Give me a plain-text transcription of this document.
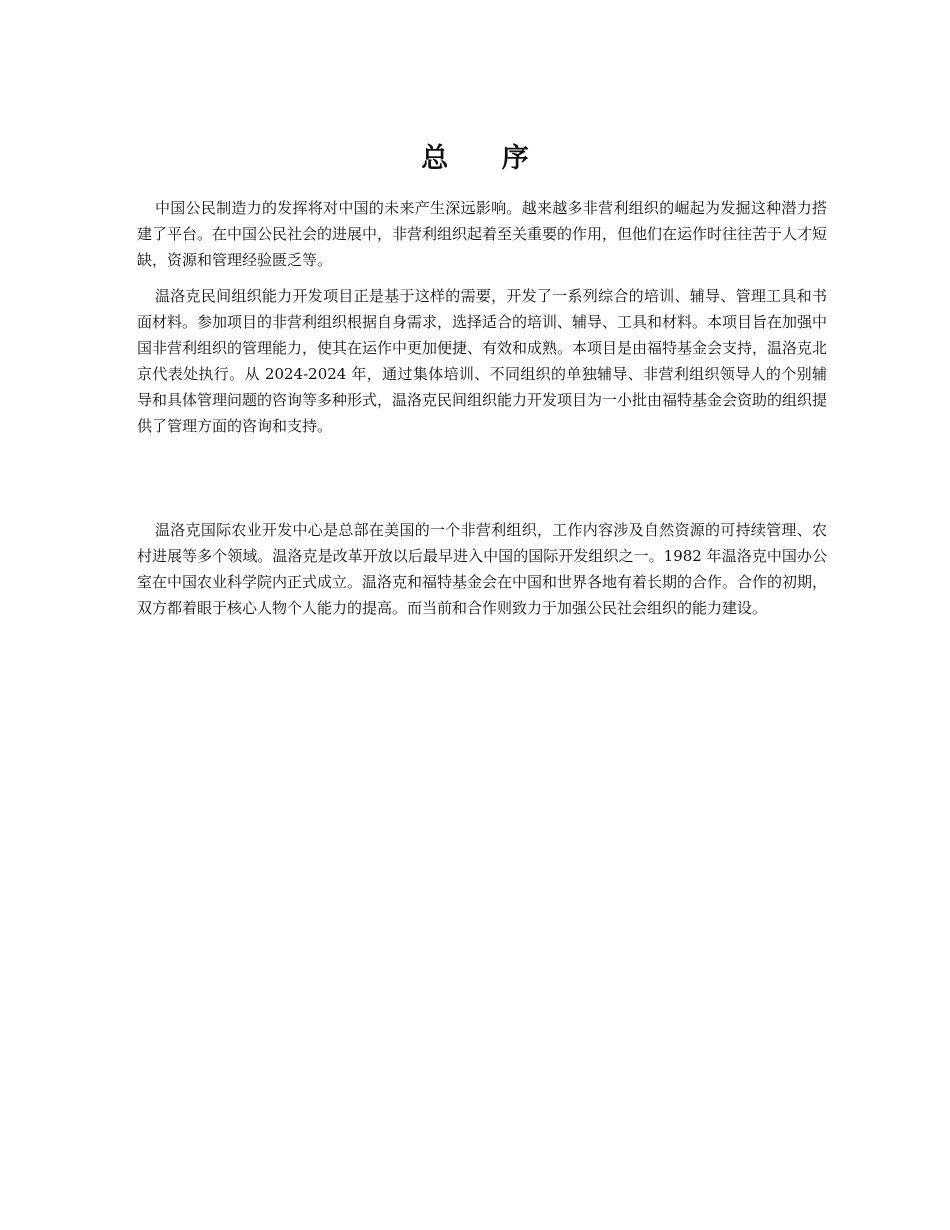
总 序

中国公民制造力的发挥将对中国的未来产生深远影响。越来越多非营利组织的崛起为发掘这种潜力搭建了平台。在中国公民社会的进展中，非营利组织起着至关重要的作用，但他们在运作时往往苦于人才短缺，资源和管理经验匮乏等。

温洛克民间组织能力开发项目正是基于这样的需要，开发了一系列综合的培训、辅导、管理工具和书面材料。参加项目的非营利组织根据自身需求，选择适合的培训、辅导、工具和材料。本项目旨在加强中国非营利组织的管理能力，使其在运作中更加便捷、有效和成熟。本项目是由福特基金会支持，温洛克北京代表处执行。从 2024-2024 年，通过集体培训、不同组织的单独辅导、非营利组织领导人的个别辅导和具体管理问题的咨询等多种形式，温洛克民间组织能力开发项目为一小批由福特基金会资助的组织提供了管理方面的咨询和支持。

温洛克国际农业开发中心是总部在美国的一个非营利组织，工作内容涉及自然资源的可持续管理、农村进展等多个领域。温洛克是改革开放以后最早进入中国的国际开发组织之一。1982 年温洛克中国办公室在中国农业科学院内正式成立。温洛克和福特基金会在中国和世界各地有着长期的合作。合作的初期，双方都着眼于核心人物个人能力的提高。而当前和合作则致力于加强公民社会组织的能力建设。
